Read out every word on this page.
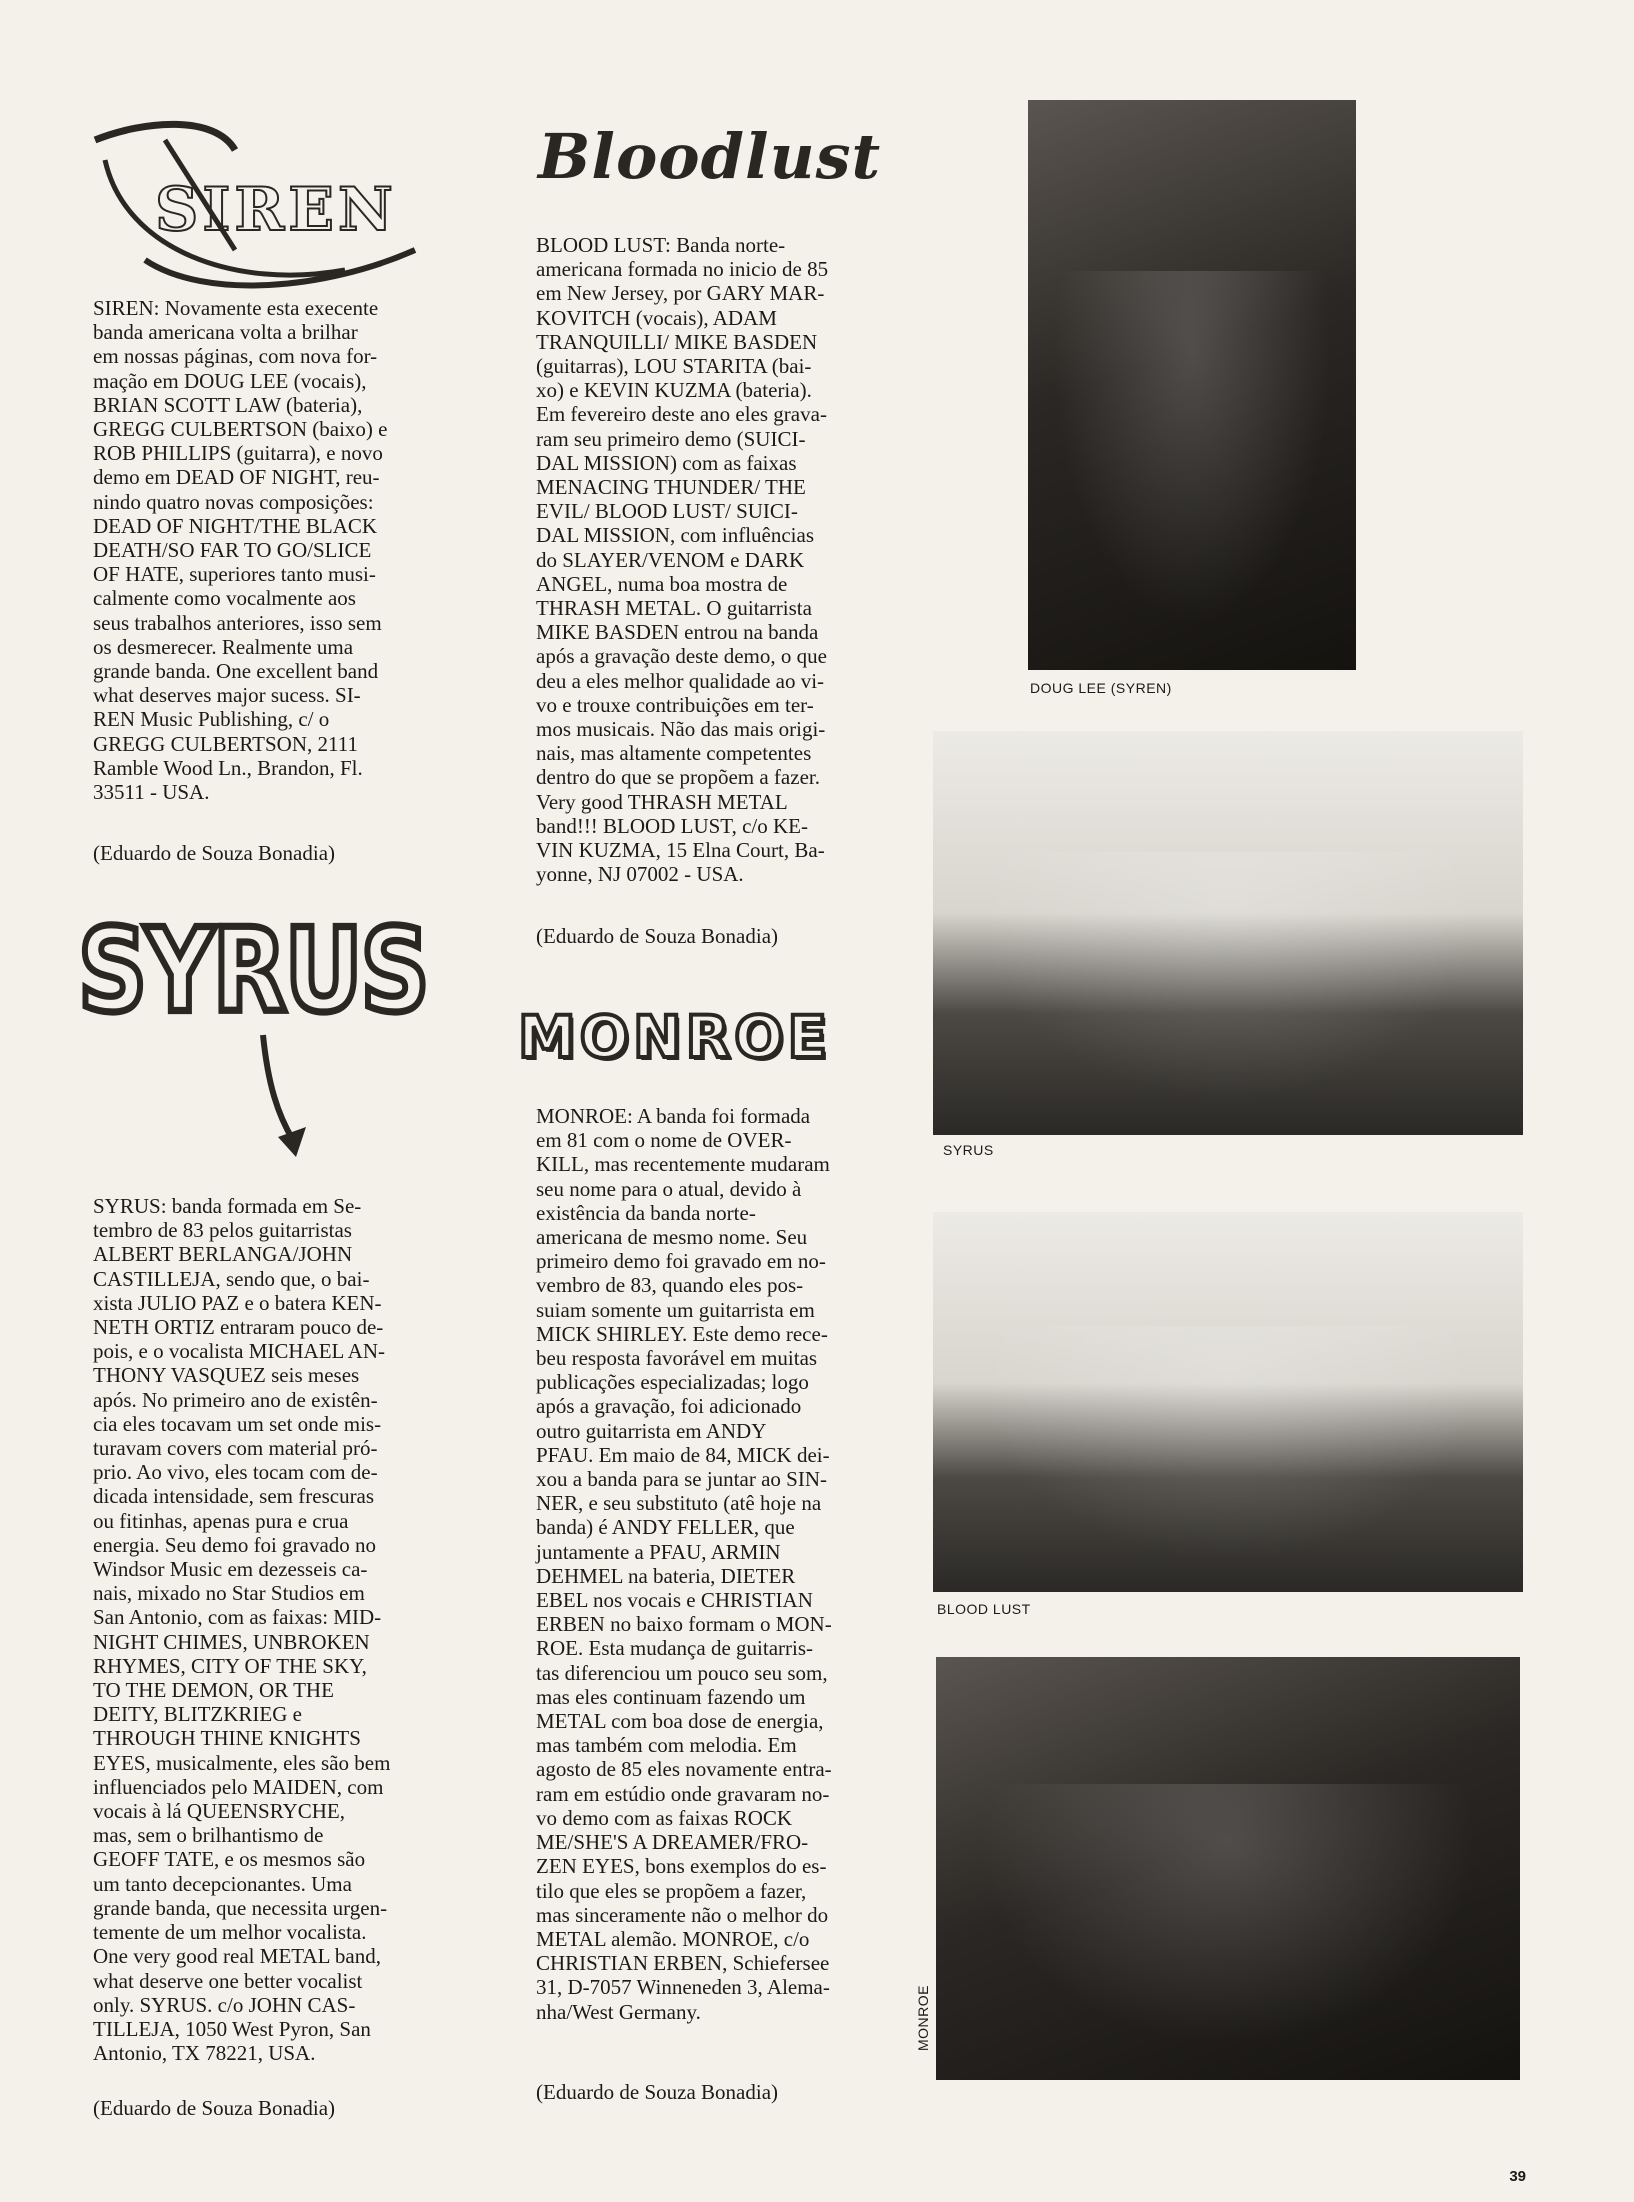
SIREN
Bloodlust
SYRUS MONROE

SIREN: Novamente esta execente

banda americana volta a brilhar

em nossas páginas, com nova for-

mação em DOUG LEE (vocais),

BRIAN SCOTT LAW (bateria),

GREGG CULBERTSON (baixo) e

ROB PHILLIPS (guitarra), e novo

demo em DEAD OF NIGHT, reu-

nindo quatro novas composições:

DEAD OF NIGHT/THE BLACK

DEATH/SO FAR TO GO/SLICE

OF HATE, superiores tanto musi-

calmente como vocalmente aos

seus trabalhos anteriores, isso sem

os desmerecer. Realmente uma

grande banda. One excellent band

what deserves major sucess. SI-

REN Music Publishing, c/ o

GREGG CULBERTSON, 2111

Ramble Wood Ln., Brandon, Fl.

33511 - USA.

(Eduardo de Souza Bonadia)

SYRUS: banda formada em Se-

tembro de 83 pelos guitarristas

ALBERT BERLANGA/JOHN

CASTILLEJA, sendo que, o bai-

xista JULIO PAZ e o batera KEN-

NETH ORTIZ entraram pouco de-

pois, e o vocalista MICHAEL AN-

THONY VASQUEZ seis meses

após. No primeiro ano de existên-

cia eles tocavam um set onde mis-

turavam covers com material pró-

prio. Ao vivo, eles tocam com de-

dicada intensidade, sem frescuras

ou fitinhas, apenas pura e crua

energia. Seu demo foi gravado no

Windsor Music em dezesseis ca-

nais, mixado no Star Studios em

San Antonio, com as faixas: MID-

NIGHT CHIMES, UNBROKEN

RHYMES, CITY OF THE SKY,

TO THE DEMON, OR THE

DEITY, BLITZKRIEG e

THROUGH THINE KNIGHTS

EYES, musicalmente, eles são bem

influenciados pelo MAIDEN, com

vocais à lá QUEENSRYCHE,

mas, sem o brilhantismo de

GEOFF TATE, e os mesmos são

um tanto decepcionantes. Uma

grande banda, que necessita urgen-

temente de um melhor vocalista.

One very good real METAL band,

what deserve one better vocalist

only. SYRUS. c/o JOHN CAS-

TILLEJA, 1050 West Pyron, San

Antonio, TX 78221, USA.

(Eduardo de Souza Bonadia)

BLOOD LUST: Banda norte-

americana formada no inicio de 85

em New Jersey, por GARY MAR-

KOVITCH (vocais), ADAM

TRANQUILLI/ MIKE BASDEN

(guitarras), LOU STARITA (bai-

xo) e KEVIN KUZMA (bateria).

Em fevereiro deste ano eles grava-

ram seu primeiro demo (SUICI-

DAL MISSION) com as faixas

MENACING THUNDER/ THE

EVIL/ BLOOD LUST/ SUICI-

DAL MISSION, com influências

do SLAYER/VENOM e DARK

ANGEL, numa boa mostra de

THRASH METAL. O guitarrista

MIKE BASDEN entrou na banda

após a gravação deste demo, o que

deu a eles melhor qualidade ao vi-

vo e trouxe contribuições em ter-

mos musicais. Não das mais origi-

nais, mas altamente competentes

dentro do que se propõem a fazer.

Very good THRASH METAL

band!!! BLOOD LUST, c/o KE-

VIN KUZMA, 15 Elna Court, Ba-

yonne, NJ 07002 - USA.

(Eduardo de Souza Bonadia)

MONROE: A banda foi formada

em 81 com o nome de OVER-

KILL, mas recentemente mudaram

seu nome para o atual, devido à

existência da banda norte-

americana de mesmo nome. Seu

primeiro demo foi gravado em no-

vembro de 83, quando eles pos-

suiam somente um guitarrista em

MICK SHIRLEY. Este demo rece-

beu resposta favorável em muitas

publicações especializadas; logo

após a gravação, foi adicionado

outro guitarrista em ANDY

PFAU. Em maio de 84, MICK dei-

xou a banda para se juntar ao SIN-

NER, e seu substituto (atê hoje na

banda) é ANDY FELLER, que

juntamente a PFAU, ARMIN

DEHMEL na bateria, DIETER

EBEL nos vocais e CHRISTIAN

ERBEN no baixo formam o MON-

ROE. Esta mudança de guitarris-

tas diferenciou um pouco seu som,

mas eles continuam fazendo um

METAL com boa dose de energia,

mas também com melodia. Em

agosto de 85 eles novamente entra-

ram em estúdio onde gravaram no-

vo demo com as faixas ROCK

ME/SHE'S A DREAMER/FRO-

ZEN EYES, bons exemplos do es-

tilo que eles se propõem a fazer,

mas sinceramente não o melhor do

METAL alemão. MONROE, c/o

CHRISTIAN ERBEN, Schiefersee

31, D-7057 Winneneden 3, Alema-

nha/West Germany.

(Eduardo de Souza Bonadia)
DOUG LEE (SYREN)
SYRUS
BLOOD LUST
MONROE
39
